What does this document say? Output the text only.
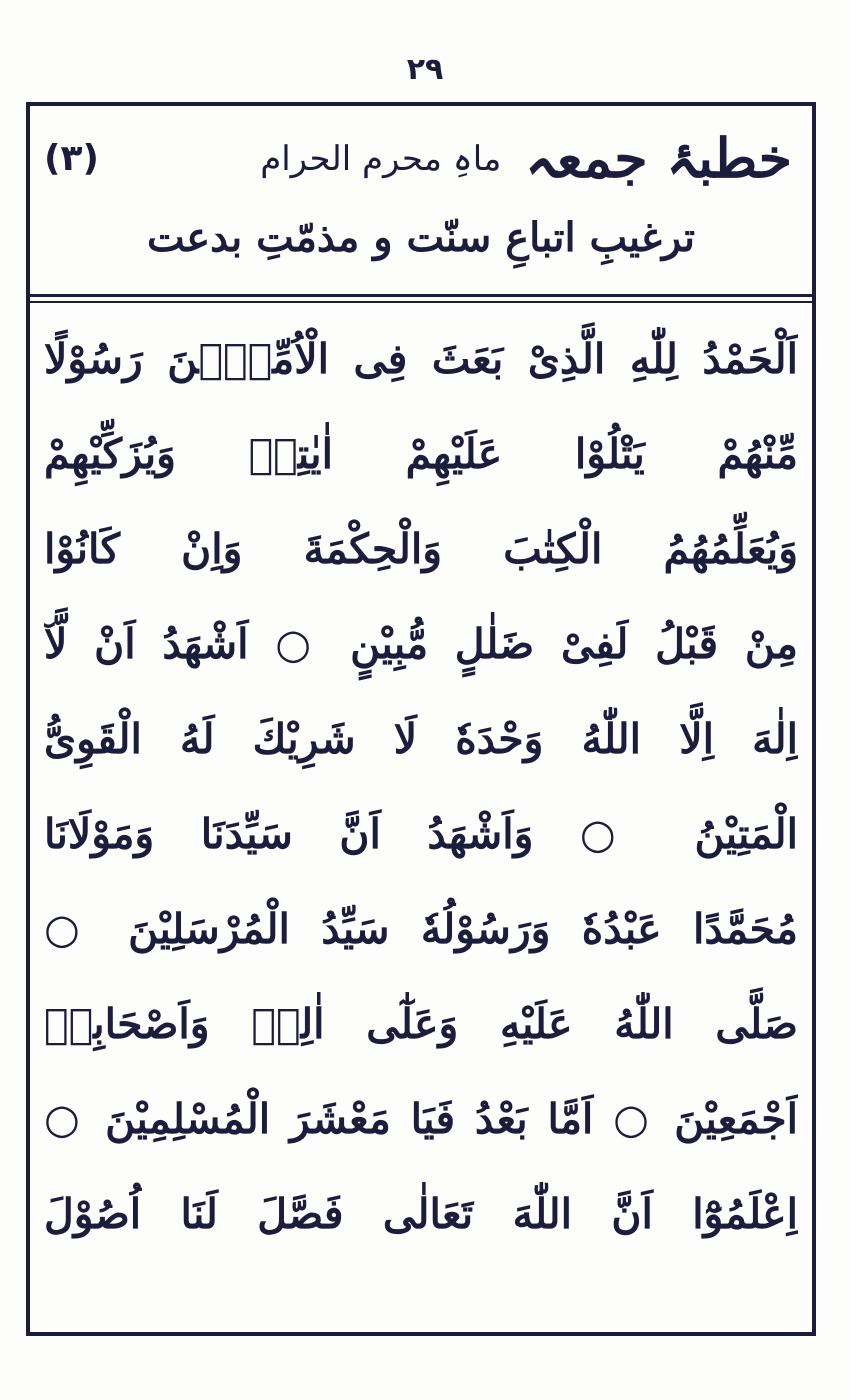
٢٩
خطبۂ جمعہ
ماہِ محرم الحرام
(٣)
ترغیبِ اتباعِ سنّت و مذمّتِ بدعت
اَلْحَمْدُ لِلّٰهِ الَّذِیْ بَعَثَ فِی الْاُمِّیّٖنَ رَسُوْلًا
مِّنْهُمْ یَتْلُوْا عَلَیْهِمْ اٰیٰتِهٖ وَیُزَكِّیْهِمْ
وَیُعَلِّمُهُمُ الْكِتٰبَ وَالْحِكْمَةَ وَاِنْ كَانُوْا
مِنْ قَبْلُ لَفِیْ ضَلٰلٍ مُّبِیْنٍ ○ اَشْهَدُ اَنْ لَّآ
اِلٰهَ اِلَّا اللّٰهُ وَحْدَهٗ لَا شَرِیْكَ لَهُ الْقَوِیُّ
الْمَتِیْنُ ○ وَاَشْهَدُ اَنَّ سَیِّدَنَا وَمَوْلَانَا
مُحَمَّدًا عَبْدُهٗ وَرَسُوْلُهٗ سَیِّدُ الْمُرْسَلِیْنَ ○
صَلَّى اللّٰهُ عَلَیْهِ وَعَلٰٓى اٰلِهٖ وَاَصْحَابِهٖ
اَجْمَعِیْنَ ○ اَمَّا بَعْدُ فَیَا مَعْشَرَ الْمُسْلِمِیْنَ ○
اِعْلَمُوْٓا اَنَّ اللّٰهَ تَعَالٰى فَصَّلَ لَنَا اُصُوْلَ
